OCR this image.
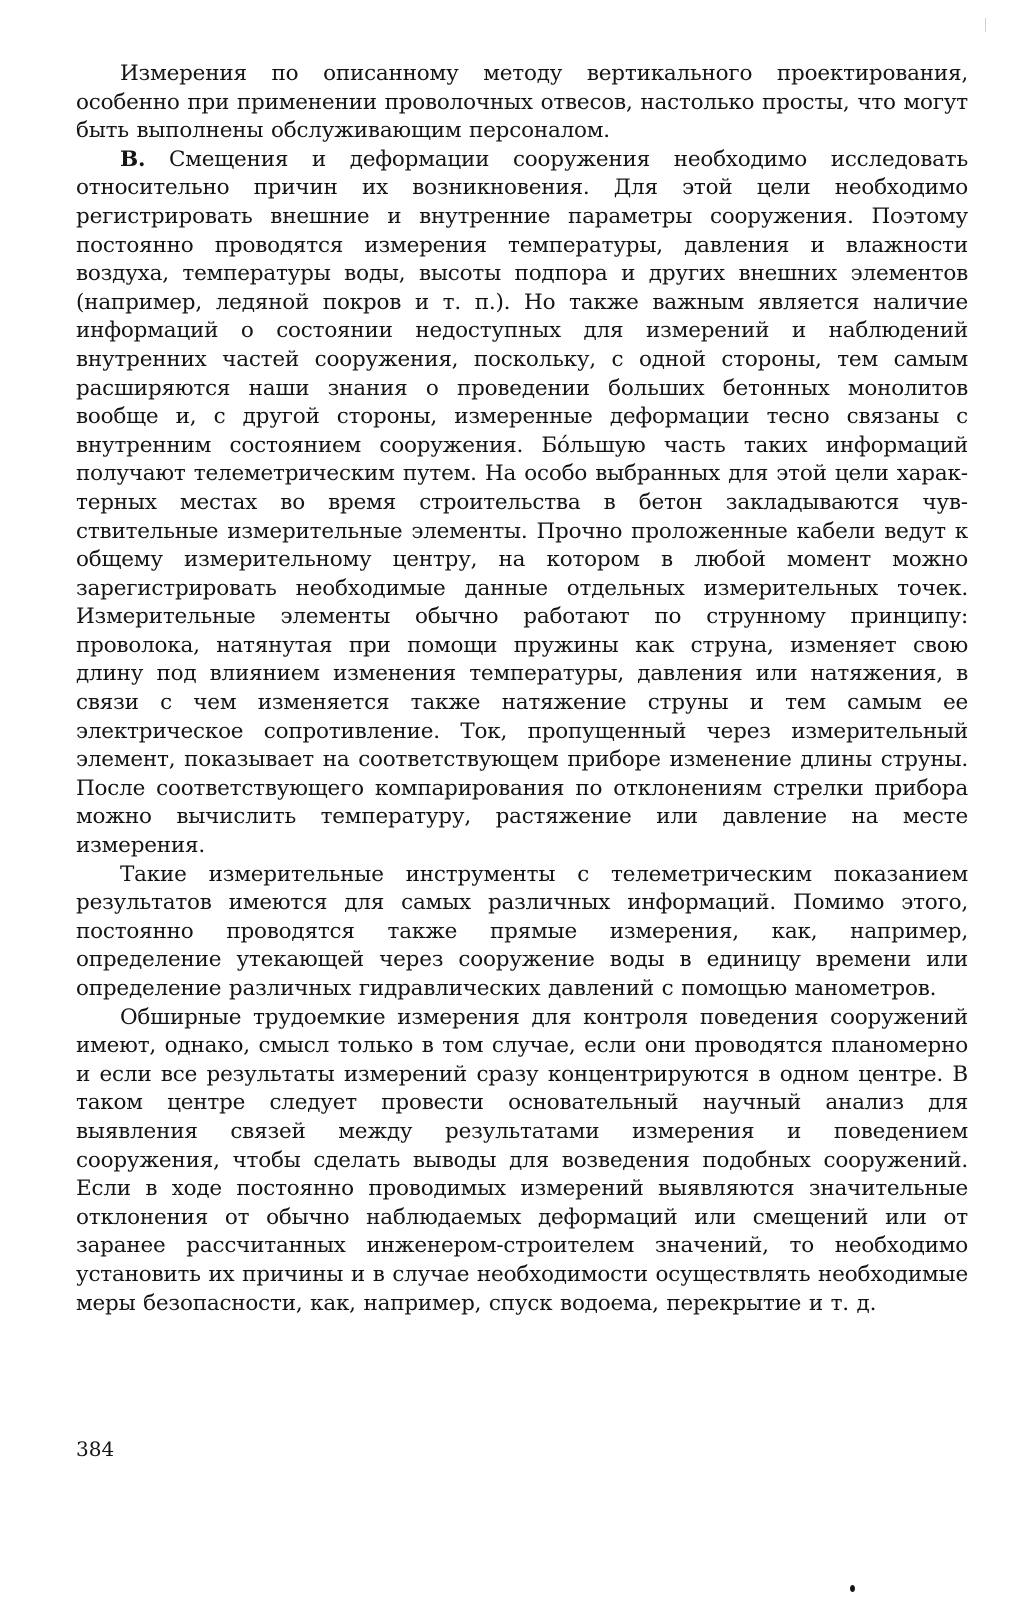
Измерения по описанному методу вертикального проектирования, особенно при применении проволочных отвесов, настолько просты, что могут быть выполнены обслуживающим персоналом.

В. Смещения и деформации сооружения необходимо исследовать относительно причин их возникновения. Для этой цели необходимо регистрировать внешние и внутренние параметры сооружения. Поэтому постоянно проводятся измерения температуры, давления и влажности воздуха, температуры воды, высоты подпора и других внешних элементов (например, ледяной покров и т. п.). Но также важным является наличие информаций о состоянии недоступных для измерений и наблюдений внутренних частей сооружения, поскольку, с одной стороны, тем самым расширяются наши знания о проведении больших бетонных монолитов вообще и, с другой стороны, измеренные деформации тесно связаны с внутренним состоянием сооружения. Бóльшую часть таких информаций получают телеметрическим путем. На особо выбранных для этой цели характерных местах во время строительства в бетон закладываются чувствительные измерительные элементы. Прочно проложенные кабели ведут к общему измерительному центру, на котором в любой момент можно зарегистрировать необходимые данные отдельных измерительных точек. Измерительные элементы обычно работают по струнному принципу: проволока, натянутая при помощи пружины как струна, изменяет свою длину под влиянием изменения температуры, давления или натяжения, в связи с чем изменяется также натяжение струны и тем самым ее электрическое сопротивление. Ток, пропущенный через измерительный элемент, показывает на соответствующем приборе изменение длины струны. После соответствующего компарирования по отклонениям стрелки прибора можно вычислить температуру, растяжение или давление на месте измерения.

Такие измерительные инструменты с телеметрическим показанием результатов имеются для самых различных информаций. Помимо этого, постоянно проводятся также прямые измерения, как, например, определение утекающей через сооружение воды в единицу времени или определение различных гидравлических давлений с помощью манометров.

Обширные трудоемкие измерения для контроля поведения сооружений имеют, однако, смысл только в том случае, если они проводятся планомерно и если все результаты измерений сразу концентрируются в одном центре. В таком центре следует провести основательный научный анализ для выявления связей между результатами измерения и поведением сооружения, чтобы сделать выводы для возведения подобных сооружений. Если в ходе постоянно проводимых измерений выявляются значительные отклонения от обычно наблюдаемых деформаций или смещений или от заранее рассчитанных инженером-строителем значений, то необходимо установить их причины и в случае необходимости осуществлять необходимые меры безопасности, как, например, спуск водоема, перекрытие и т. д.

384
